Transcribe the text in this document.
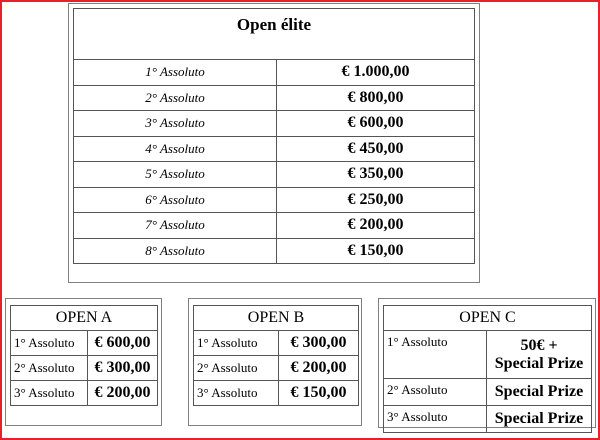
Open élite	
1° Assoluto	€ 1.000,00
2° Assoluto	€ 800,00
3° Assoluto	€ 600,00
4° Assoluto	€ 450,00
5° Assoluto	€ 350,00
6° Assoluto	€ 250,00
7° Assoluto	€ 200,00
8° Assoluto	€ 150,00
OPEN A	
1° Assoluto	€ 600,00
2° Assoluto	€ 300,00
3° Assoluto	€ 200,00
OPEN B	
1° Assoluto	€ 300,00
2° Assoluto	€ 200,00
3° Assoluto	€ 150,00
OPEN C	
1° Assoluto	50€ +
Special Prize

2° Assoluto	Special Prize
3° Assoluto	Special Prize
